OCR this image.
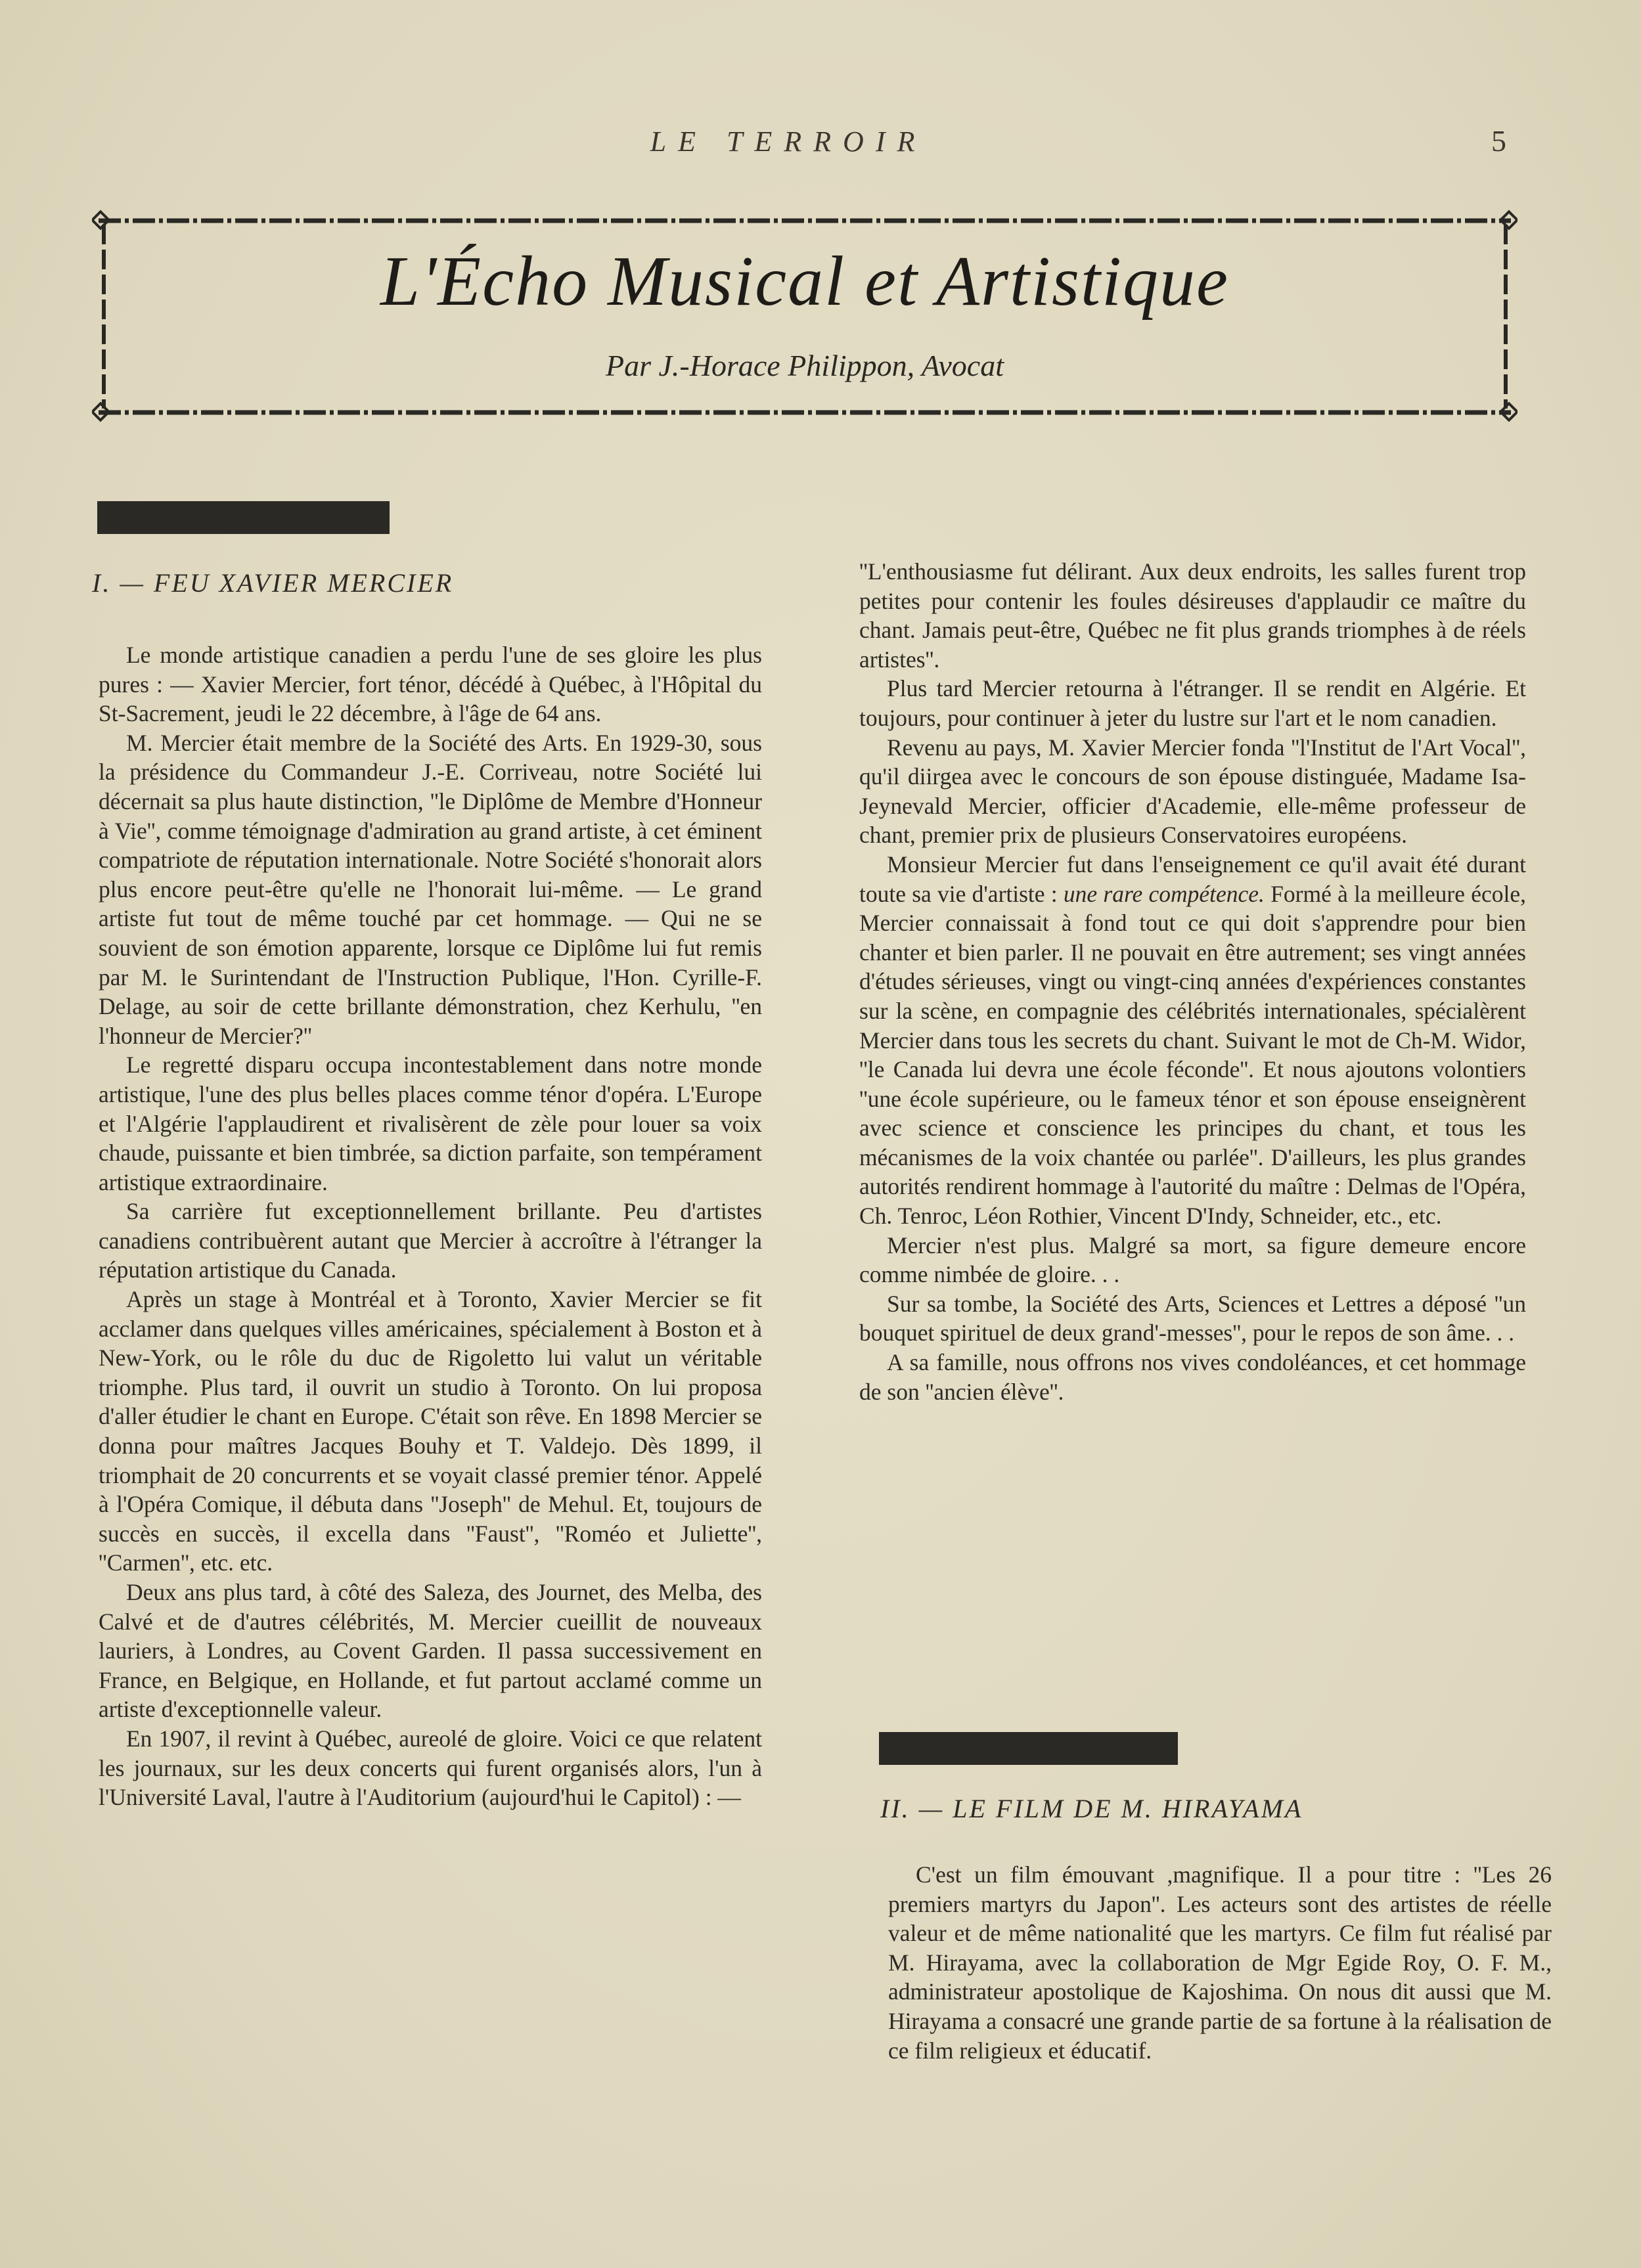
LE TERROIR	5
L'Écho Musical et Artistique
Par J.-Horace Philippon, Avocat
I. — FEU XAVIER MERCIER

Le monde artistique canadien a perdu l'une de ses gloire les plus pures : — Xavier Mercier, fort ténor, décédé à Québec, à l'Hôpital du St-Sacrement, jeudi le 22 décembre, à l'âge de 64 ans.

M. Mercier était membre de la Société des Arts. En 1929-30, sous la présidence du Commandeur J.-E. Corriveau, notre Société lui décernait sa plus haute distinction, ''le Diplôme de Membre d'Honneur à Vie'', comme témoignage d'admiration au grand artiste, à cet éminent compatriote de réputation internationale. Notre Société s'honorait alors plus encore peut-être qu'elle ne l'honorait lui-même. — Le grand artiste fut tout de même touché par cet hommage. — Qui ne se souvient de son émotion apparente, lorsque ce Diplôme lui fut remis par M. le Surintendant de l'Instruction Publique, l'Hon. Cyrille-F. Delage, au soir de cette brillante démonstration, chez Kerhulu, ''en l'honneur de Mercier?''

Le regretté disparu occupa incontestablement dans notre monde artistique, l'une des plus belles places comme ténor d'opéra. L'Europe et l'Algérie l'applaudirent et rivalisèrent de zèle pour louer sa voix chaude, puissante et bien timbrée, sa diction parfaite, son tempérament artistique extraordinaire.

Sa carrière fut exceptionnellement brillante. Peu d'artistes canadiens contribuèrent autant que Mercier à accroître à l'étranger la réputation artistique du Canada.

Après un stage à Montréal et à Toronto, Xavier Mercier se fit acclamer dans quelques villes américaines, spécialement à Boston et à New-York, ou le rôle du duc de Rigoletto lui valut un véritable triomphe. Plus tard, il ouvrit un studio à Toronto. On lui proposa d'aller étudier le chant en Europe. C'était son rêve. En 1898 Mercier se donna pour maîtres Jacques Bouhy et T. Valdejo. Dès 1899, il triomphait de 20 concurrents et se voyait classé premier ténor. Appelé à l'Opéra Comique, il débuta dans ''Joseph'' de Mehul. Et, toujours de succès en succès, il excella dans ''Faust'', ''Roméo et Juliette'', ''Carmen'', etc. etc.

Deux ans plus tard, à côté des Saleza, des Journet, des Melba, des Calvé et de d'autres célébrités, M. Mercier cueillit de nouveaux lauriers, à Londres, au Covent Garden. Il passa successivement en France, en Belgique, en Hollande, et fut partout acclamé comme un artiste d'exceptionnelle valeur.

En 1907, il revint à Québec, aureolé de gloire. Voici ce que relatent les journaux, sur les deux concerts qui furent organisés alors, l'un à l'Université Laval, l'autre à l'Auditorium (aujourd'hui le Capitol) : —

''L'enthousiasme fut délirant. Aux deux endroits, les salles furent trop petites pour contenir les foules désireuses d'applaudir ce maître du chant. Jamais peut-être, Québec ne fit plus grands triomphes à de réels artistes''.

Plus tard Mercier retourna à l'étranger. Il se rendit en Algérie. Et toujours, pour continuer à jeter du lustre sur l'art et le nom canadien.

Revenu au pays, M. Xavier Mercier fonda ''l'Institut de l'Art Vocal'', qu'il diirgea avec le concours de son épouse distinguée, Madame Isa-Jeynevald Mercier, officier d'Academie, elle-même professeur de chant, premier prix de plusieurs Conservatoires européens.

Monsieur Mercier fut dans l'enseignement ce qu'il avait été durant toute sa vie d'artiste : une rare compétence. Formé à la meilleure école, Mercier connaissait à fond tout ce qui doit s'apprendre pour bien chanter et bien parler. Il ne pouvait en être autrement; ses vingt années d'études sérieuses, vingt ou vingt-cinq années d'expériences constantes sur la scène, en compagnie des célébrités internationales, spécialèrent Mercier dans tous les secrets du chant. Suivant le mot de Ch-M. Widor, ''le Canada lui devra une école féconde''. Et nous ajoutons volontiers ''une école supérieure, ou le fameux ténor et son épouse enseignèrent avec science et conscience les principes du chant, et tous les mécanismes de la voix chantée ou parlée''. D'ailleurs, les plus grandes autorités rendirent hommage à l'autorité du maître : Delmas de l'Opéra, Ch. Tenroc, Léon Rothier, Vincent D'Indy, Schneider, etc., etc.

Mercier n'est plus. Malgré sa mort, sa figure demeure encore comme nimbée de gloire. . .

Sur sa tombe, la Société des Arts, Sciences et Lettres a déposé ''un bouquet spirituel de deux grand'-messes'', pour le repos de son âme. . .

A sa famille, nous offrons nos vives condoléances, et cet hommage de son ''ancien élève''.

II. — LE FILM DE M. HIRAYAMA

C'est un film émouvant ,magnifique. Il a pour titre : ''Les 26 premiers martyrs du Japon''. Les acteurs sont des artistes de réelle valeur et de même nationalité que les martyrs. Ce film fut réalisé par M. Hirayama, avec la collaboration de Mgr Egide Roy, O. F. M., administrateur apostolique de Kajoshima. On nous dit aussi que M. Hirayama a consacré une grande partie de sa fortune à la réalisation de ce film religieux et éducatif.
